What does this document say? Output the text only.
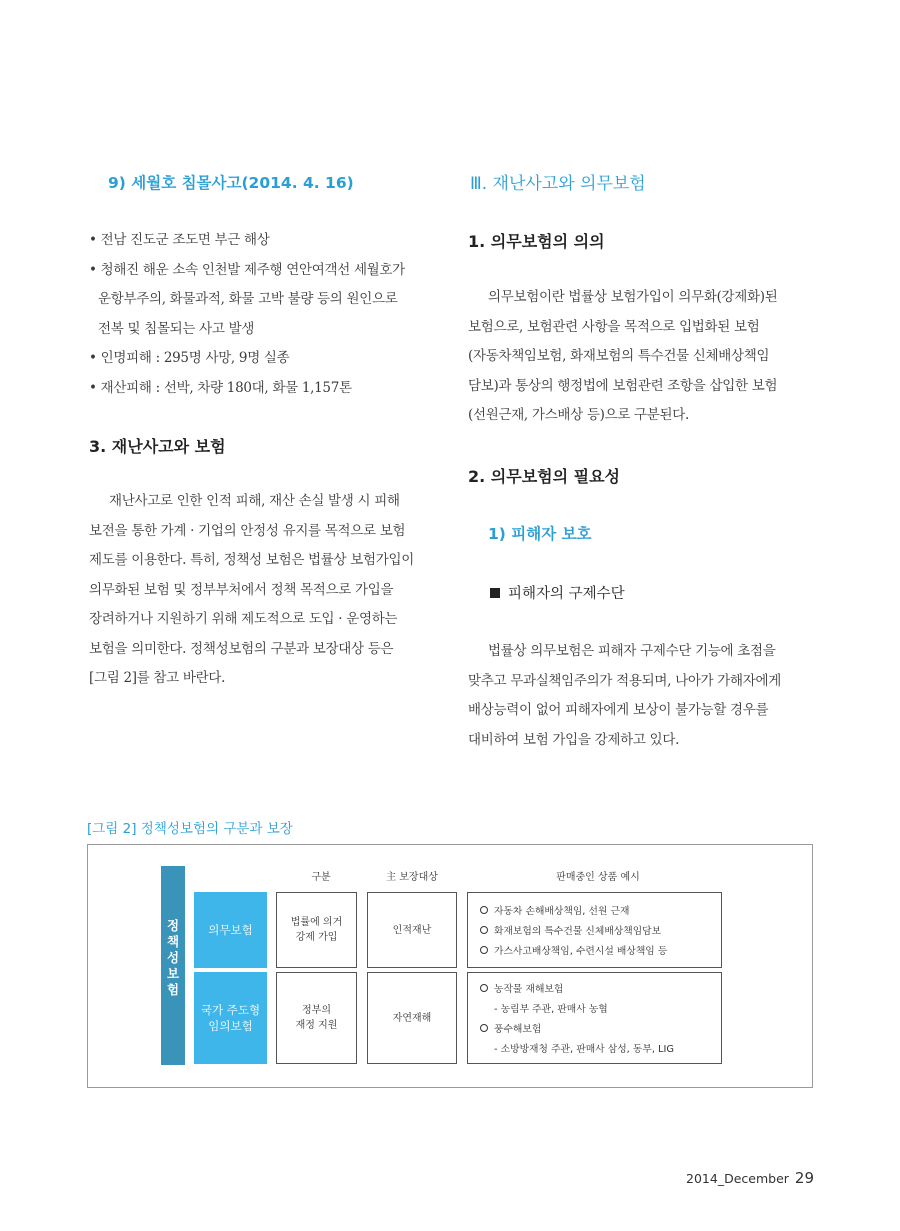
9) 세월호 침몰사고(2014. 4. 16)
• 전남 진도군 조도면 부근 해상
• 청해진 해운 소속 인천발 제주행 연안여객선 세월호가
운항부주의, 화물과적, 화물 고박 불량 등의 원인으로
전복 및 침몰되는 사고 발생
• 인명피해 : 295명 사망, 9명 실종
• 재산피해 : 선박, 차량 180대, 화물 1,157톤
3. 재난사고와 보험
재난사고로 인한 인적 피해, 재산 손실 발생 시 피해
보전을 통한 가계 · 기업의 안정성 유지를 목적으로 보험
제도를 이용한다. 특히, 정책성 보험은 법률상 보험가입이
의무화된 보험 및 정부부처에서 정책 목적으로 가입을
장려하거나 지원하기 위해 제도적으로 도입 · 운영하는
보험을 의미한다. 정책성보험의 구분과 보장대상 등은
[그림 2]를 참고 바란다.
Ⅲ. 재난사고와 의무보험
1. 의무보험의 의의
의무보험이란 법률상 보험가입이 의무화(강제화)된
보험으로, 보험관련 사항을 목적으로 입법화된 보험
(자동차책임보험, 화재보험의 특수건물 신체배상책임
담보)과 통상의 행정법에 보험관련 조항을 삽입한 보험
(선원근재, 가스배상 등)으로 구분된다.
2. 의무보험의 필요성
1) 피해자 보호
피해자의 구제수단
법률상 의무보험은 피해자 구제수단 기능에 초점을
맞추고 무과실책임주의가 적용되며, 나아가 가해자에게
배상능력이 없어 피해자에게 보상이 불가능할 경우를
대비하여 보험 가입을 강제하고 있다.
[그림 2] 정책성보험의 구분과 보장
정
책
성
보
험
구분	主 보장대상	판매중인 상품 예시
의무보험
법률에 의거
강제 가입
인적재난
자동차 손해배상책임, 선원 근재
화재보험의 특수건물 신체배상책임담보
가스사고배상책임, 수련시설 배상책임 등
국가 주도형
임의보험
정부의
재정 지원
자연재해
농작물 재해보험
- 농림부 주관, 판매사 농협
풍수해보험
- 소방방재청 주관, 판매사 삼성, 동부, LIG
2014_December 29
